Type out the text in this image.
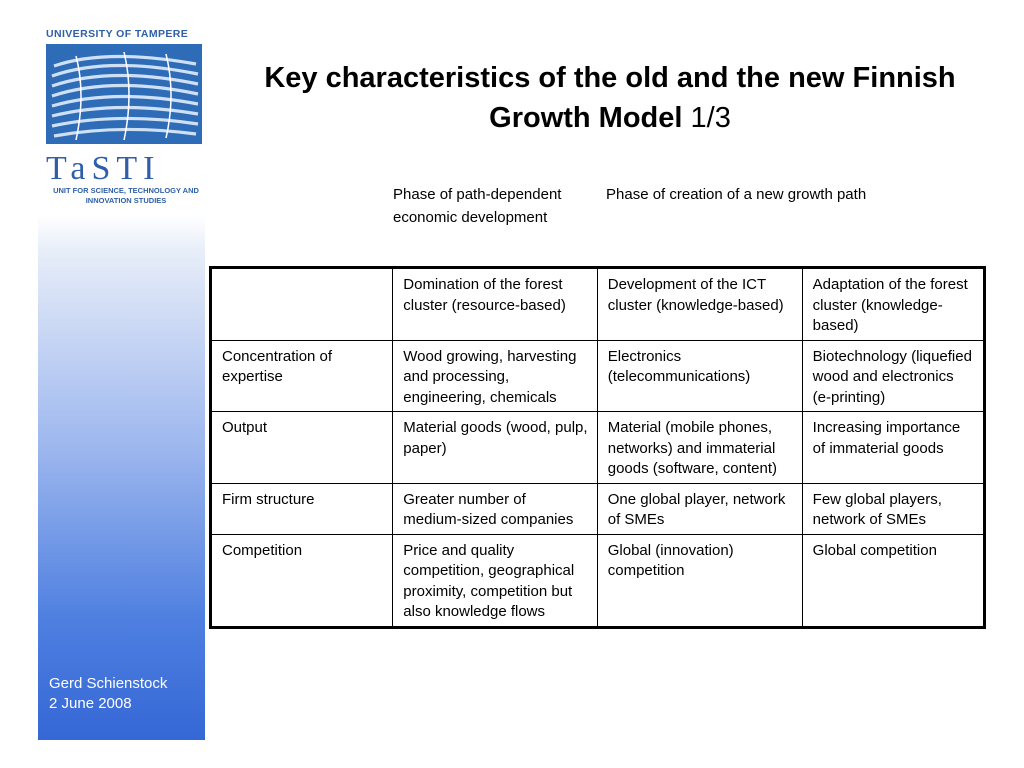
UNIVERSITY OF TAMPERE
TaSTI
UNIT FOR SCIENCE, TECHNOLOGY AND INNOVATION STUDIES
Gerd Schienstock
2 June 2008
Key characteristics of the old and the new Finnish Growth Model 1/3
Phase of path-dependent economic development
Phase of creation of a new growth path
	Domination of the forest cluster (resource-based)	Development of the ICT cluster (knowledge-based)	Adaptation of the forest cluster (knowledge-based)
Concentration of expertise	Wood growing, harvesting and processing, engineering, chemicals	Electronics (telecommunications)	Biotechnology (liquefied wood and electronics (e-printing)
Output	Material goods (wood, pulp, paper)	Material (mobile phones, networks) and immaterial goods (software, content)	Increasing importance of immaterial goods
Firm structure	Greater number of medium-sized companies	One global player, network of SMEs	Few global players, network of SMEs
Competition	Price and quality competition, geographical proximity, competition but also knowledge flows	Global (innovation) competition	Global competition
